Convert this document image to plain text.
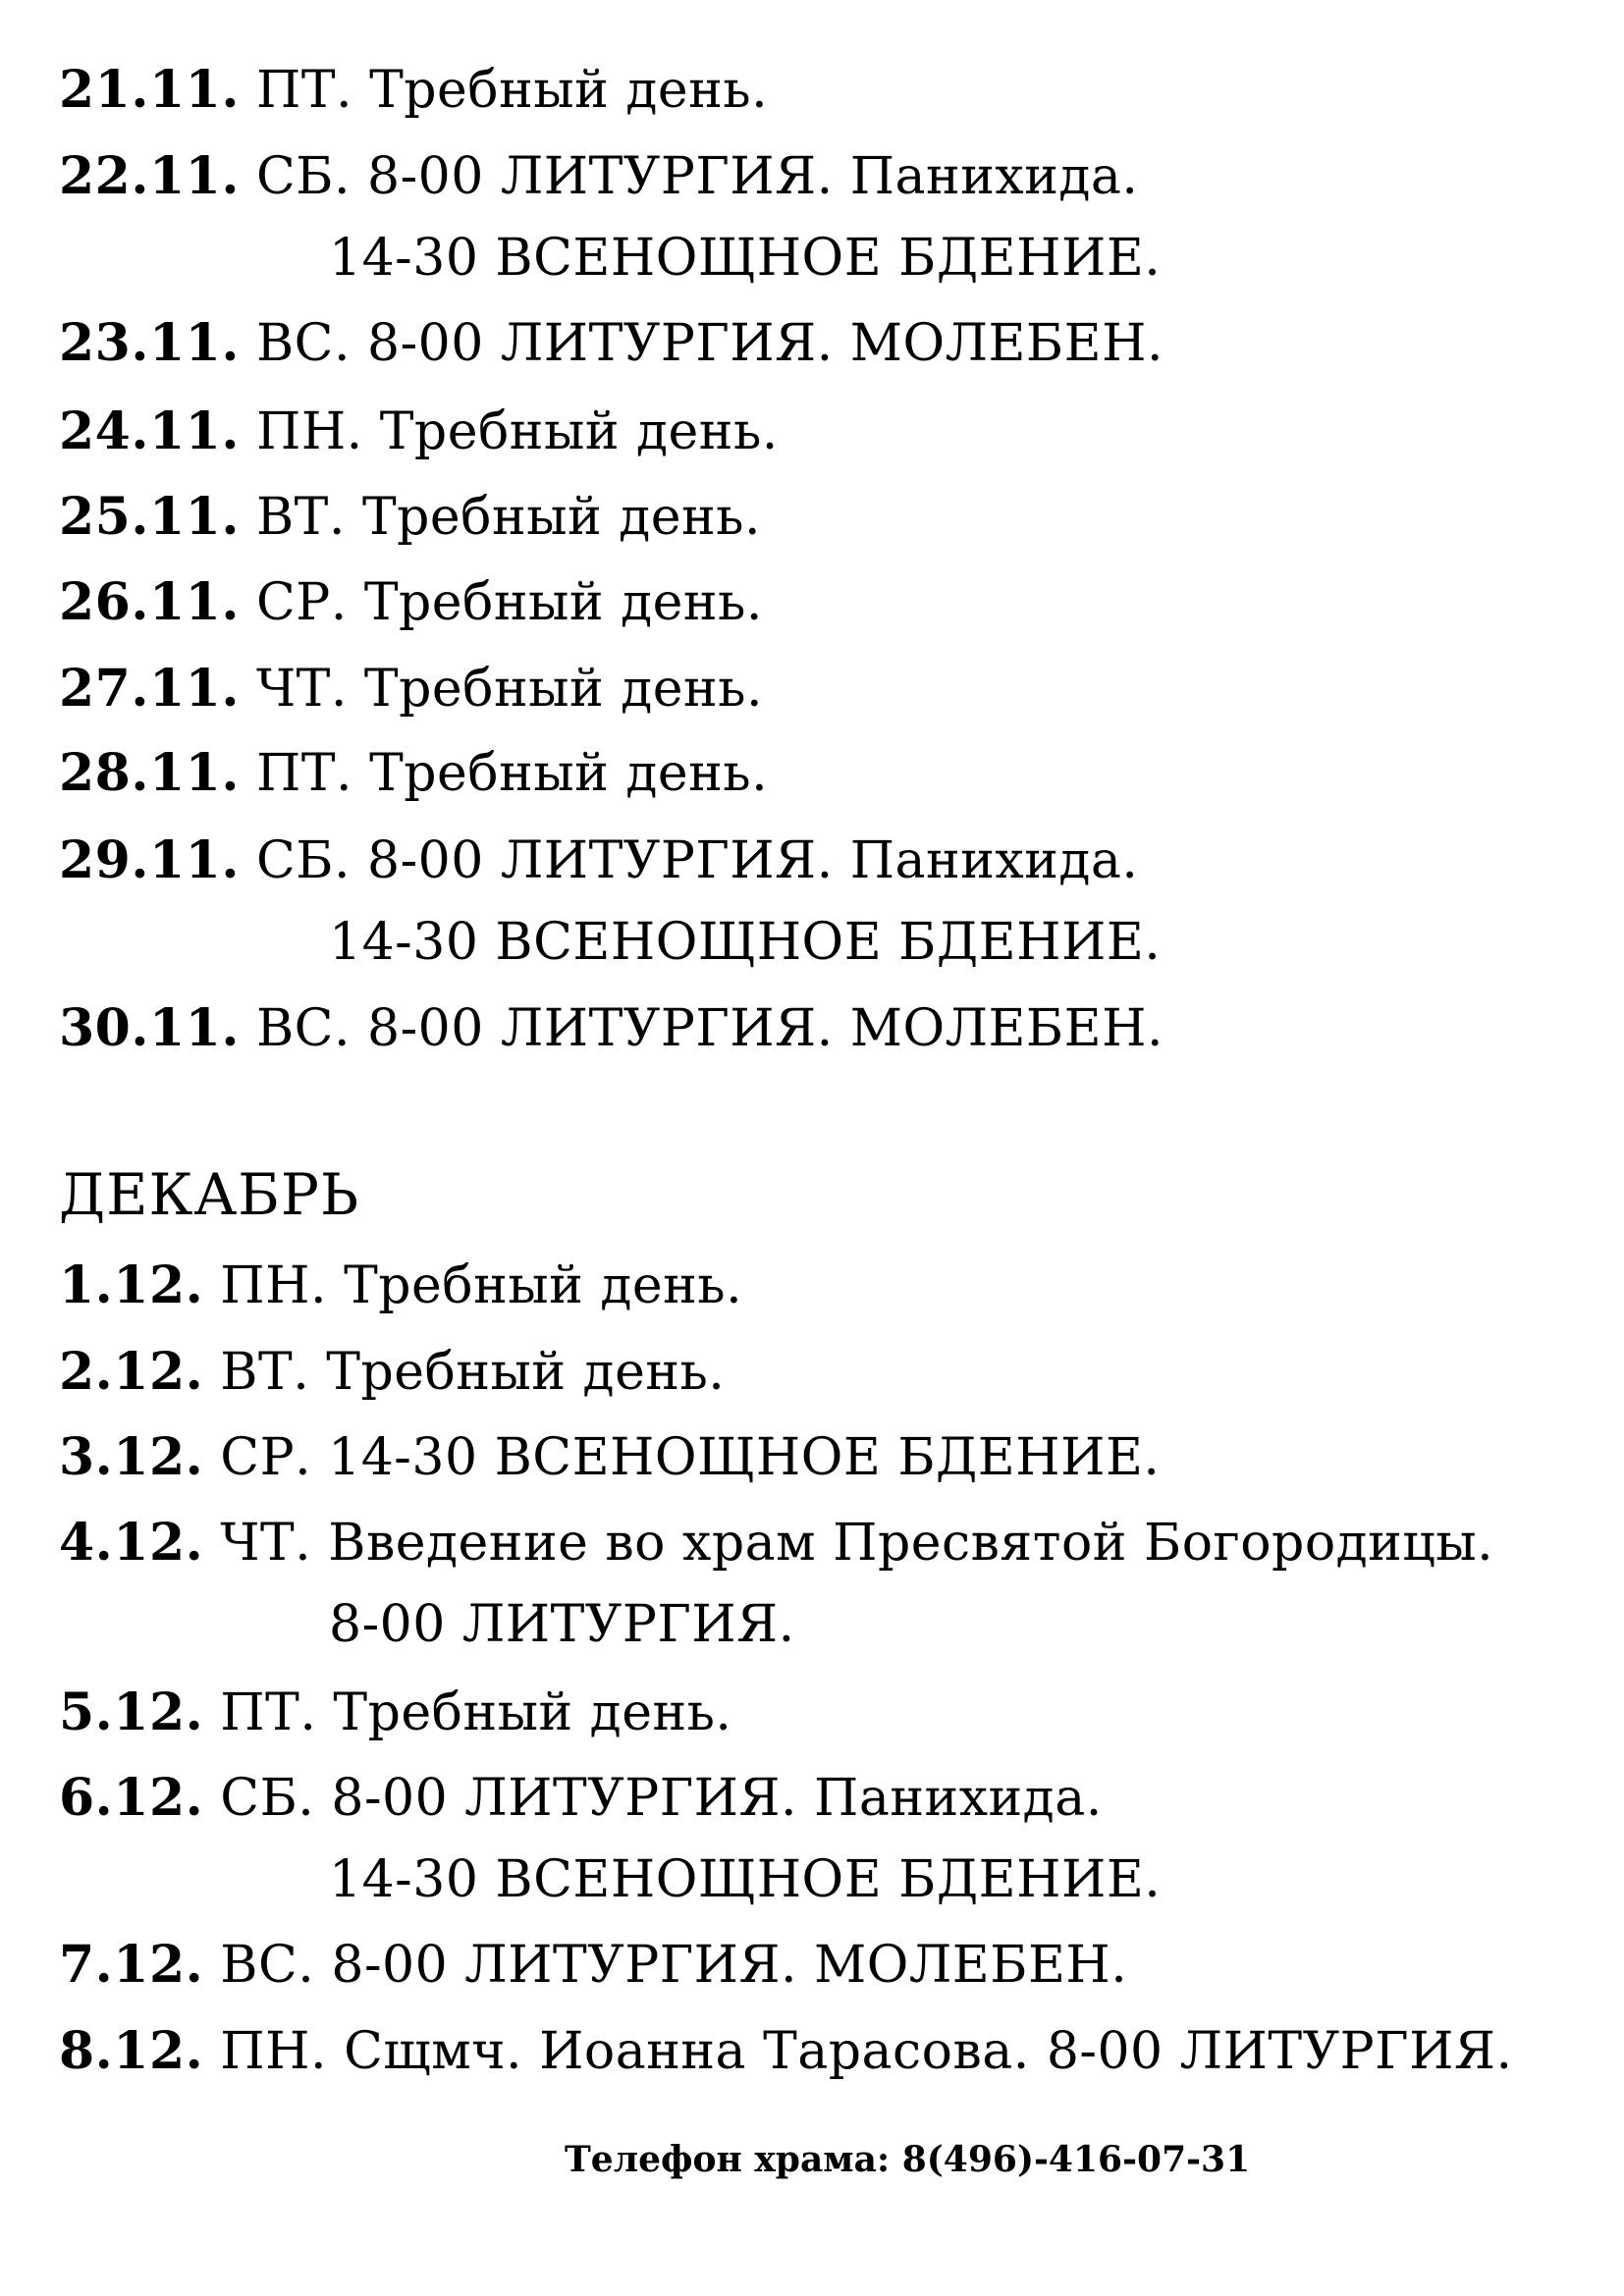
21.11. ПТ. Требный день.
22.11. СБ. 8-00 ЛИТУРГИЯ. Панихида.
14-30 ВСЕНОЩНОЕ БДЕНИЕ.
23.11. ВС. 8-00 ЛИТУРГИЯ. МОЛЕБЕН.
24.11. ПН. Требный день.
25.11. ВТ. Требный день.
26.11. СР. Требный день.
27.11. ЧТ. Требный день.
28.11. ПТ. Требный день.
29.11. СБ. 8-00 ЛИТУРГИЯ. Панихида.
14-30 ВСЕНОЩНОЕ БДЕНИЕ.
30.11. ВС. 8-00 ЛИТУРГИЯ. МОЛЕБЕН.
ДЕКАБРЬ
1.12. ПН. Требный день.
2.12. ВТ. Требный день.
3.12. СР. 14-30 ВСЕНОЩНОЕ БДЕНИЕ.
4.12. ЧТ. Введение во храм Пресвятой Богородицы.
8-00 ЛИТУРГИЯ.
5.12. ПТ. Требный день.
6.12. СБ. 8-00 ЛИТУРГИЯ. Панихида.
14-30 ВСЕНОЩНОЕ БДЕНИЕ.
7.12. ВС. 8-00 ЛИТУРГИЯ. МОЛЕБЕН.
8.12. ПН. Сщмч. Иоанна Тарасова. 8-00 ЛИТУРГИЯ.
Телефон храма: 8(496)-416-07-31
